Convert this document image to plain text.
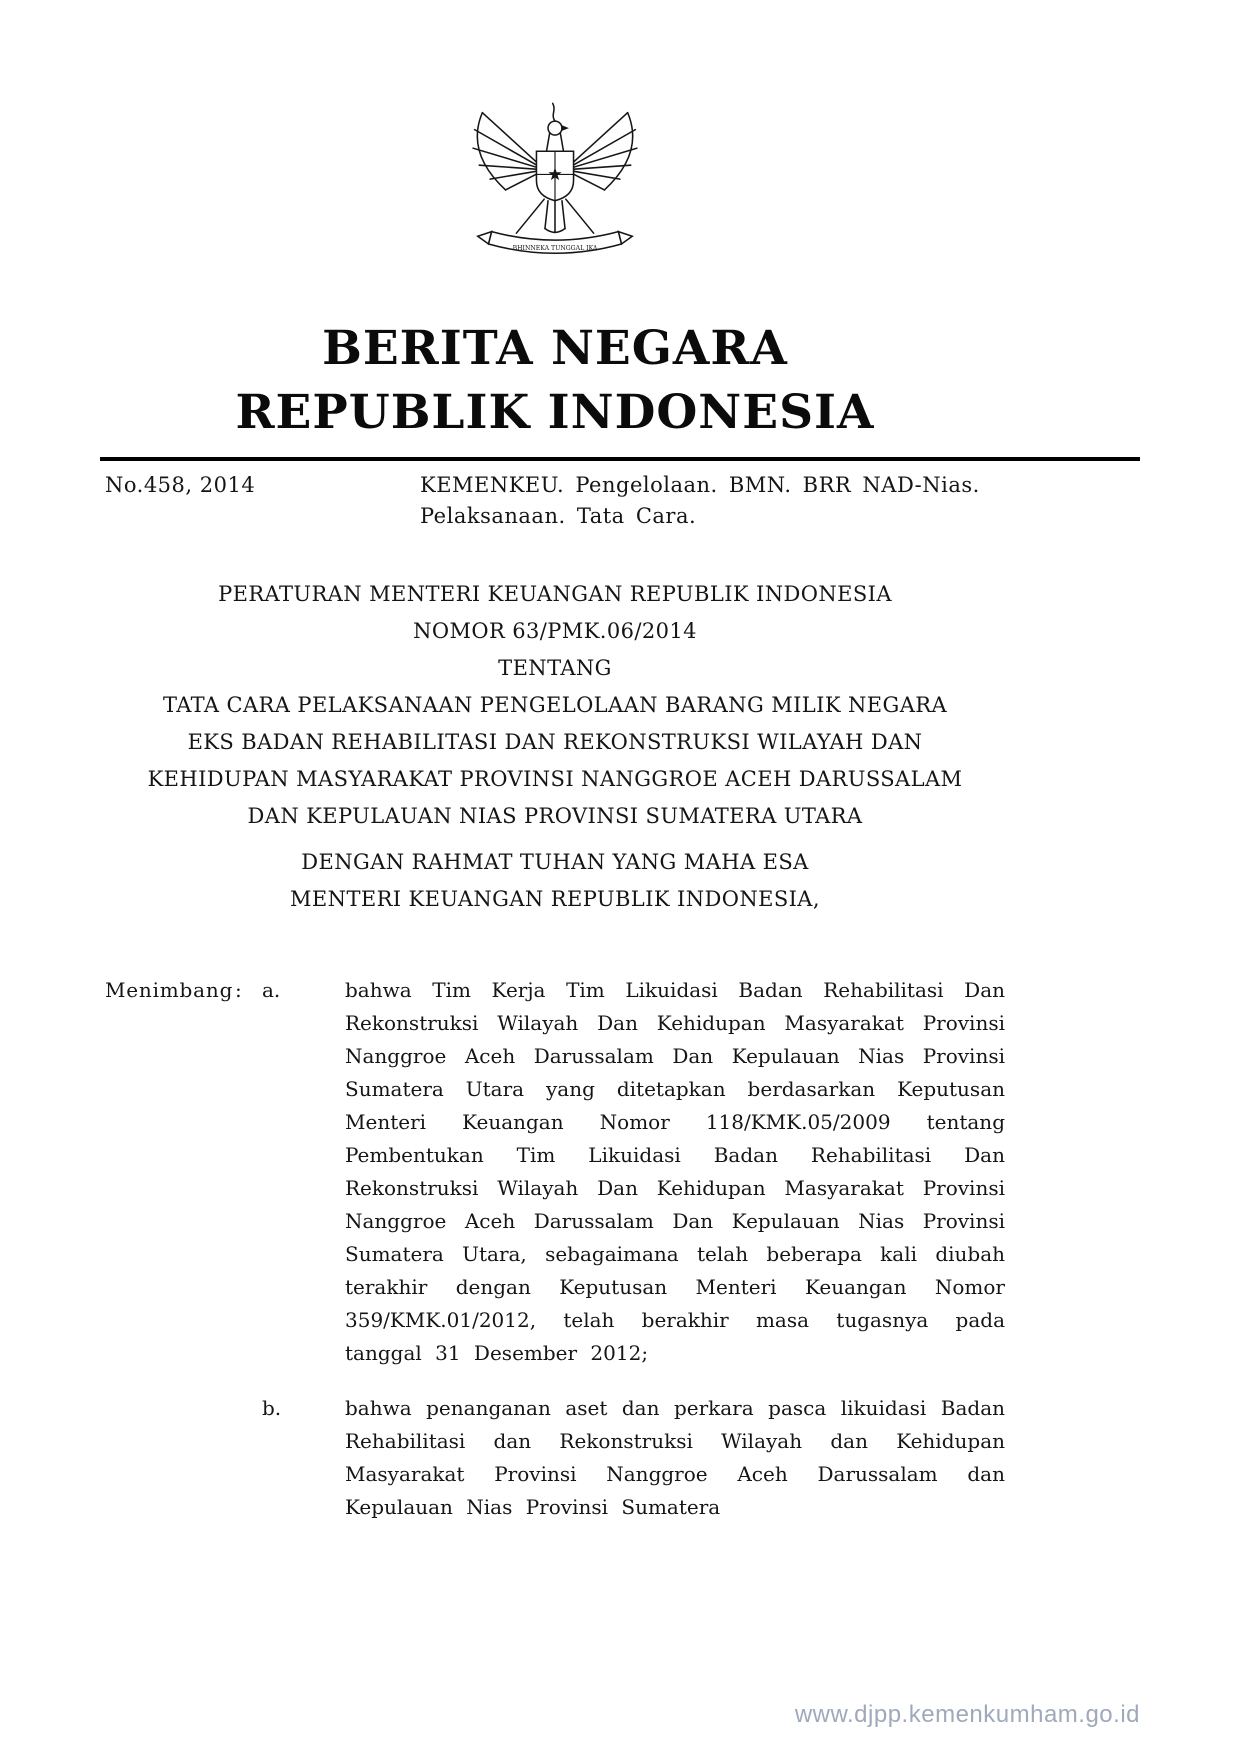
BHINNEKA TUNGGAL IKA
BERITA NEGARA
REPUBLIK INDONESIA
No.458, 2014	KEMENKEU. Pengelolaan. BMN. BRR NAD-Nias.
Pelaksanaan. Tata Cara.
PERATURAN MENTERI KEUANGAN REPUBLIK INDONESIA
NOMOR 63/PMK.06/2014
TENTANG
TATA CARA PELAKSANAAN PENGELOLAAN BARANG MILIK NEGARA
EKS BADAN REHABILITASI DAN REKONSTRUKSI WILAYAH DAN
KEHIDUPAN MASYARAKAT PROVINSI NANGGROE ACEH DARUSSALAM
DAN KEPULAUAN NIAS PROVINSI SUMATERA UTARA
DENGAN RAHMAT TUHAN YANG MAHA ESA
MENTERI KEUANGAN REPUBLIK INDONESIA,
Menimbang :	a.	bahwa Tim Kerja Tim Likuidasi Badan Rehabilitasi Dan Rekonstruksi Wilayah Dan Kehidupan Masyarakat Provinsi Nanggroe Aceh Darussalam Dan Kepulauan Nias Provinsi Sumatera Utara yang ditetapkan berdasarkan Keputusan Menteri Keuangan Nomor 118/KMK.05/2009 tentang Pembentukan Tim Likuidasi Badan Rehabilitasi Dan Rekonstruksi Wilayah Dan Kehidupan Masyarakat Provinsi Nanggroe Aceh Darussalam Dan Kepulauan Nias Provinsi Sumatera Utara, sebagaimana telah beberapa kali diubah terakhir dengan Keputusan Menteri Keuangan Nomor 359/KMK.01/2012, telah berakhir masa tugasnya pada tanggal 31 Desember 2012;
b.	bahwa penanganan aset dan perkara pasca likuidasi Badan Rehabilitasi dan Rekonstruksi Wilayah dan Kehidupan Masyarakat Provinsi Nanggroe Aceh Darussalam dan Kepulauan Nias Provinsi Sumatera
www.djpp.kemenkumham.go.id
